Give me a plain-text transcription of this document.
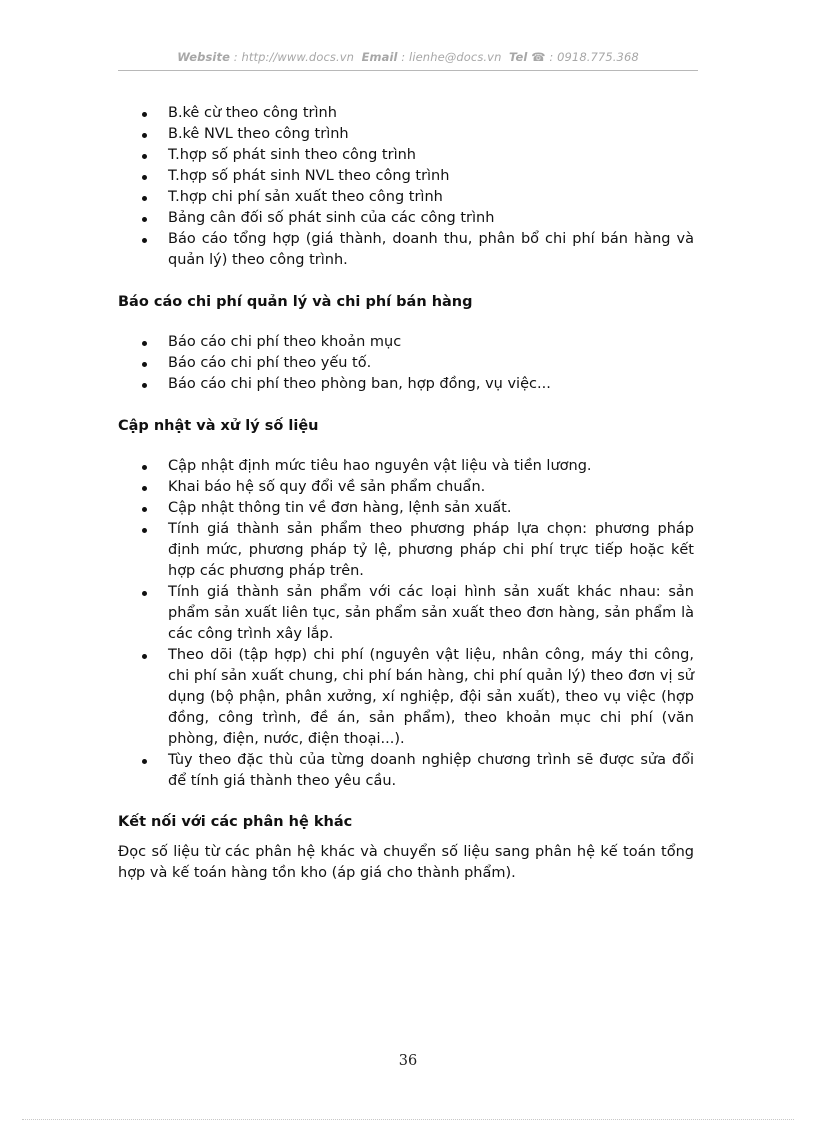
Website : http://www.docs.vn Email : lienhe@docs.vn Tel ☎ : 0918.775.368
B.kê cừ theo công trình
B.kê NVL theo công trình
T.hợp số phát sinh theo công trình
T.hợp số phát sinh NVL theo công trình
T.hợp chi phí sản xuất theo công trình
Bảng cân đối số phát sinh của các công trình
Báo cáo tổng hợp (giá thành, doanh thu, phân bổ chi phí bán hàng và quản lý) theo công trình.
Báo cáo chi phí quản lý và chi phí bán hàng
Báo cáo chi phí theo khoản mục
Báo cáo chi phí theo yếu tố.
Báo cáo chi phí theo phòng ban, hợp đồng, vụ việc...
Cập nhật và xử lý số liệu
Cập nhật định mức tiêu hao nguyên vật liệu và tiền lương.
Khai báo hệ số quy đổi về sản phẩm chuẩn.
Cập nhật thông tin về đơn hàng, lệnh sản xuất.
Tính giá thành sản phẩm theo phương pháp lựa chọn: phương pháp định mức, phương pháp tỷ lệ, phương pháp chi phí trực tiếp hoặc kết hợp các phương pháp trên.
Tính giá thành sản phẩm với các loại hình sản xuất khác nhau: sản phẩm sản xuất liên tục, sản phẩm sản xuất theo đơn hàng, sản phẩm là các công trình xây lắp.
Theo dõi (tập hợp) chi phí (nguyên vật liệu, nhân công, máy thi công, chi phí sản xuất chung, chi phí bán hàng, chi phí quản lý) theo đơn vị sử dụng (bộ phận, phân xưởng, xí nghiệp, đội sản xuất), theo vụ việc (hợp đồng, công trình, đề án, sản phẩm), theo khoản mục chi phí (văn phòng, điện, nước, điện thoại...).
Tùy theo đặc thù của từng doanh nghiệp chương trình sẽ được sửa đổi để tính giá thành theo yêu cầu.
Kết nối với các phân hệ khác

Đọc số liệu từ các phân hệ khác và chuyển số liệu sang phân hệ kế toán tổng hợp và kế toán hàng tồn kho (áp giá cho thành phẩm).

36
